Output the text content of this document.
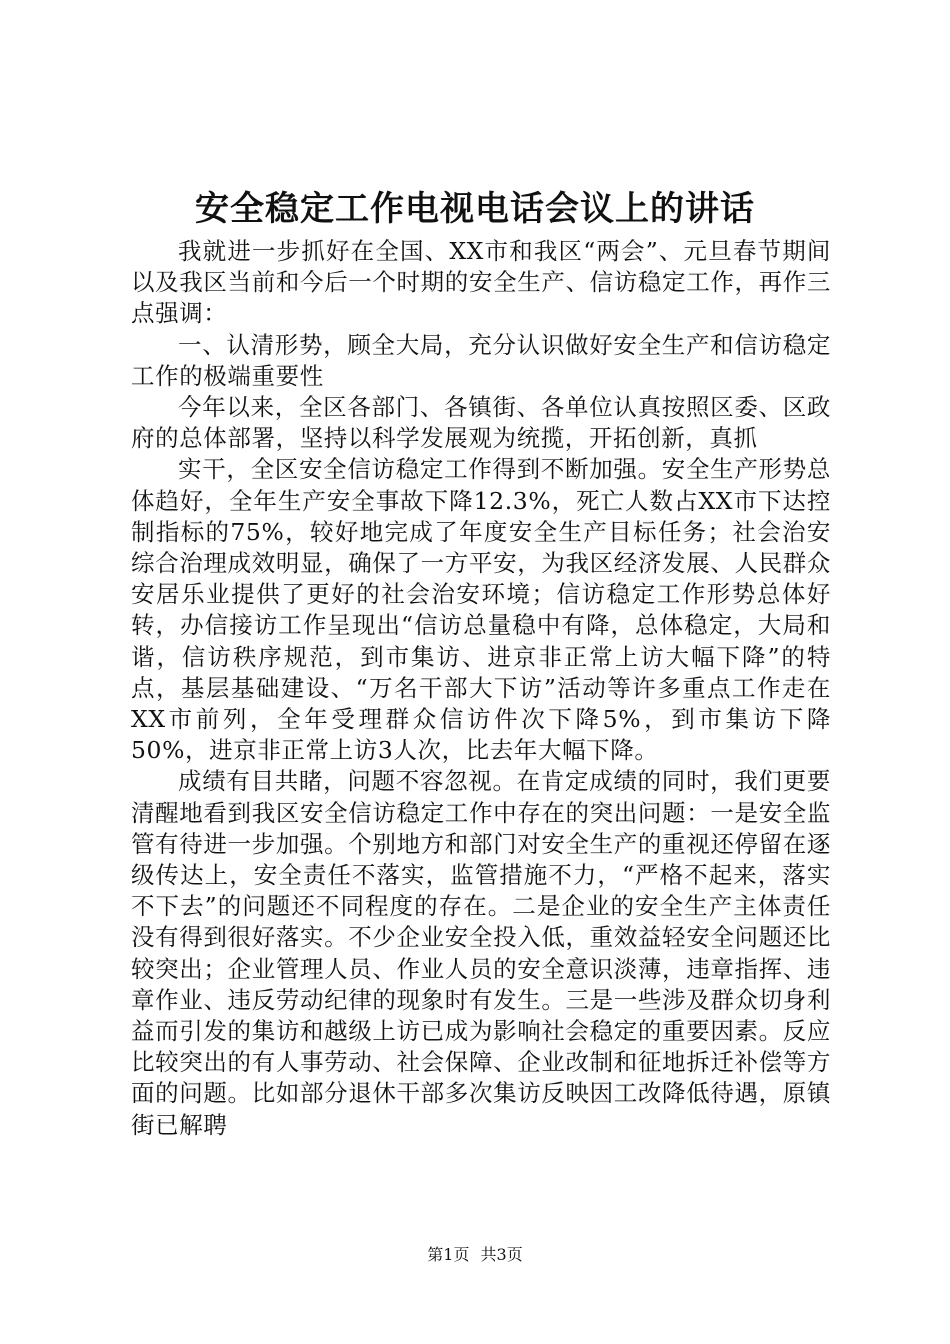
安全稳定工作电视电话会议上的讲话

我就进一步抓好在全国、XX市和我区“两会”、元旦春节期间以及我区当前和今后一个时期的安全生产、信访稳定工作，再作三点强调：

一、认清形势，顾全大局，充分认识做好安全生产和信访稳定工作的极端重要性

今年以来，全区各部门、各镇街、各单位认真按照区委、区政府的总体部署，坚持以科学发展观为统揽，开拓创新，真抓

实干，全区安全信访稳定工作得到不断加强。安全生产形势总体趋好，全年生产安全事故下降12.3%，死亡人数占XX市下达控制指标的75%，较好地完成了年度安全生产目标任务；社会治安综合治理成效明显，确保了一方平安，为我区经济发展、人民群众安居乐业提供了更好的社会治安环境；信访稳定工作形势总体好转，办信接访工作呈现出“信访总量稳中有降，总体稳定，大局和谐，信访秩序规范，到市集访、进京非正常上访大幅下降”的特点，基层基础建设、“万名干部大下访”活动等许多重点工作走在XX市前列，全年受理群众信访件次下降5%，到市集访下降50%，进京非正常上访3人次，比去年大幅下降。

成绩有目共睹，问题不容忽视。在肯定成绩的同时，我们更要清醒地看到我区安全信访稳定工作中存在的突出问题：一是安全监管有待进一步加强。个别地方和部门对安全生产的重视还停留在逐级传达上，安全责任不落实，监管措施不力，“严格不起来，落实不下去”的问题还不同程度的存在。二是企业的安全生产主体责任没有得到很好落实。不少企业安全投入低，重效益轻安全问题还比较突出；企业管理人员、作业人员的安全意识淡薄，违章指挥、违章作业、违反劳动纪律的现象时有发生。三是一些涉及群众切身利益而引发的集访和越级上访已成为影响社会稳定的重要因素。反应比较突出的有人事劳动、社会保障、企业改制和征地拆迁补偿等方面的问题。比如部分退休干部多次集访反映因工改降低待遇，原镇街已解聘

第1页 共3页
